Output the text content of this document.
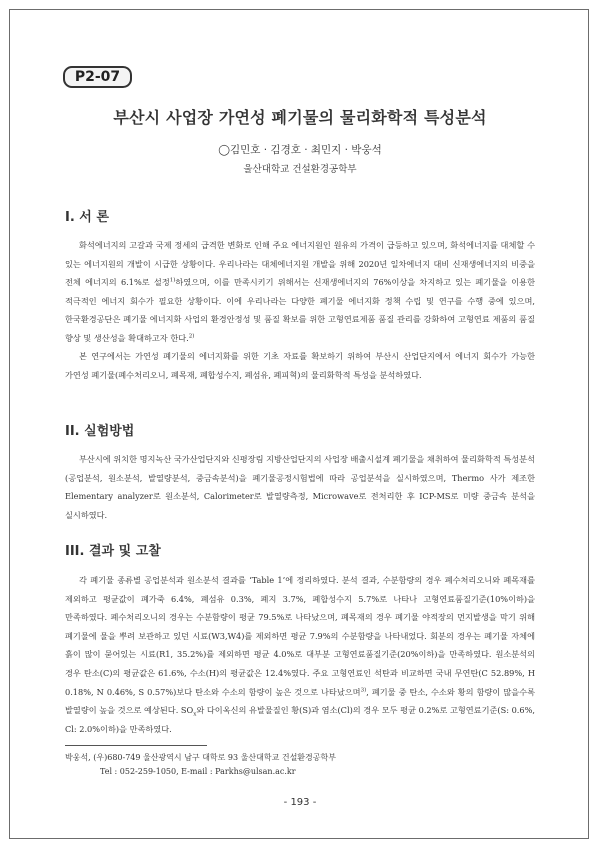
P2-07
부산시 사업장 가연성 폐기물의 물리화학적 특성분석
◯김민호 · 김경호 · 최민지 · 박웅석
울산대학교 건설환경공학부
I. 서 론

화석에너지의 고갈과 국제 정세의 급격한 변화로 인해 주요 에너지원인 원유의 가격이 급등하고 있으며, 화석에너지를 대체할 수 있는 에너지원의 개발이 시급한 상황이다. 우리나라는 대체에너지원 개발을 위해 2020년 일차에너지 대비 신재생에너지의 비중을 전체 에너지의 6.1%로 설정$^{1)}$하였으며, 이를 만족시키기 위해서는 신재생에너지의 76%이상을 차지하고 있는 폐기물을 이용한 적극적인 에너지 회수가 필요한 상황이다. 이에 우리나라는 다양한 폐기물 에너지화 정책 수립 및 연구를 수행 중에 있으며, 한국환경공단은 폐기물 에너지화 사업의 환경안정성 및 품질 확보를 위한 고형연료제품 품질 관리를 강화하여 고형연료 제품의 품질 향상 및 생산성을 확대하고자 한다.$^{2)}$

본 연구에서는 가연성 폐기물의 에너지화를 위한 기초 자료를 확보하기 위하여 부산시 산업단지에서 에너지 회수가 가능한 가연성 폐기물(폐수처리오니, 폐목재, 폐합성수지, 폐섬유, 폐피혁)의 물리화학적 특성을 분석하였다.

II. 실험방법

부산시에 위치한 명지녹산 국가산업단지와 신평장림 지방산업단지의 사업장 배출시설계 폐기물을 채취하여 물리화학적 특성분석(공업분석, 원소분석, 발열량분석, 중금속분석)을 폐기물공정시험법에 따라 공업분석을 실시하였으며, Thermo 사가 제조한 Elementary analyzer로 원소분석, Calorimeter로 발열량측정, Microwave로 전처리한 후 ICP-MS로 미량 중금속 분석을 실시하였다.

III. 결과 및 고찰

각 폐기물 종류별 공업분석과 원소분석 결과를 ‘Table 1’에 정리하였다. 분석 결과, 수분함량의 경우 폐수처리오니와 폐목재를 제외하고 평균값이 폐가죽 6.4%, 폐섬유 0.3%, 폐지 3.7%, 폐합성수지 5.7%로 나타나 고형연료품질기준(10%이하)을 만족하였다. 폐수처리오니의 경우는 수분함량이 평균 79.5%로 나타났으며, 폐목재의 경우 폐기물 야적장의 먼지발생을 막기 위해 폐기물에 물을 뿌려 보관하고 있던 시료(W3,W4)를 제외하면 평균 7.9%의 수분함량을 나타내었다. 회분의 경우는 폐기물 자체에 흙이 많이 묻어있는 시료(R1, 35.2%)를 제외하면 평균 4.0%로 대부분 고형연료품질기준(20%이하)을 만족하였다. 원소분석의 경우 탄소(C)의 평균값은 61.6%, 수소(H)의 평균값은 12.4%였다. 주요 고형연료인 석탄과 비교하면 국내 무연탄(C 52.89%, H 0.18%, N 0.46%, S 0.57%)보다 탄소와 수소의 함량이 높은 것으로 나타났으며$^{3)}$, 폐기물 중 탄소, 수소와 황의 함량이 많을수록 발열량이 높을 것으로 예상된다. $SO_x$와 다이옥신의 유발물질인 황(S)과 염소(Cl)의 경우 모두 평균 0.2%로 고형연료기준(S: 0.6%, Cl: 2.0%이하)을 만족하였다.

박웅석, (우)680-749 울산광역시 남구 대학로 93 울산대학교 건설환경공학부
Tel : 052-259-1050, E-mail : Parkhs@ulsan.ac.kr
- 193 -
